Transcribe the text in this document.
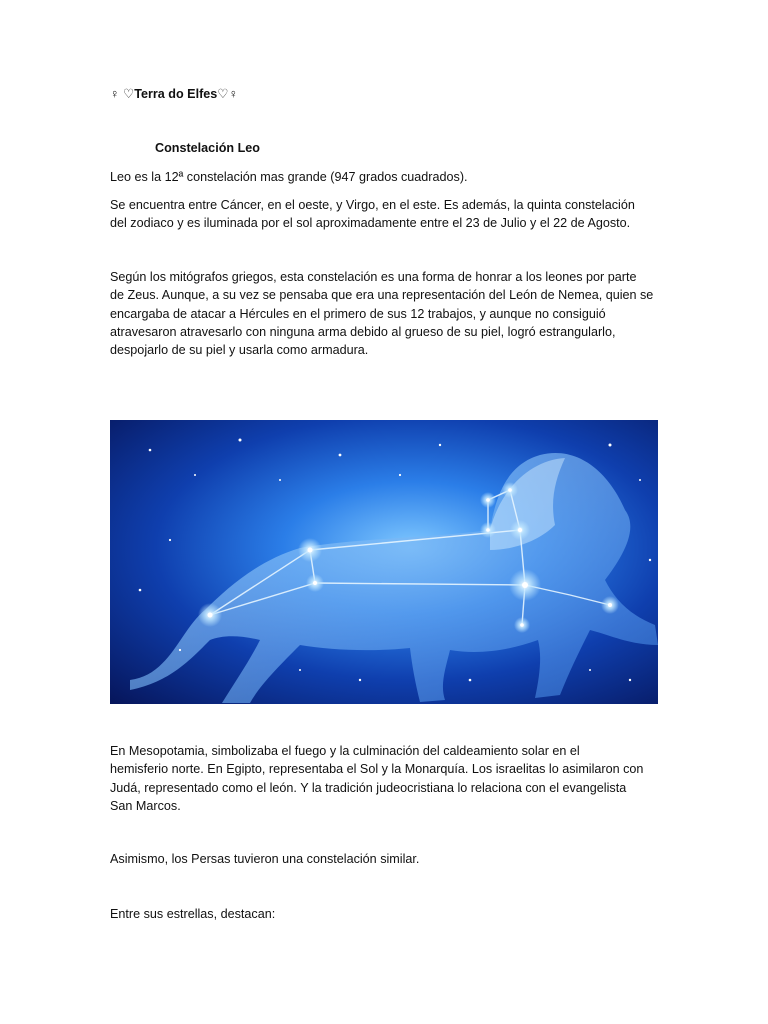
♀ ♡Terra do Elfes♡♀
Constelación Leo
Leo es la 12ª constelación mas grande (947 grados cuadrados).
Se encuentra entre Cáncer, en el oeste, y Virgo, en el este. Es además, la quinta constelación
del zodiaco y es iluminada por el sol aproximadamente entre el 23 de Julio y el 22 de Agosto.
Según los mitógrafos griegos, esta constelación es una forma de honrar a los leones por parte
de Zeus. Aunque, a su vez se pensaba que era una representación del León de Nemea, quien se
encargaba de atacar a Hércules en el primero de sus 12 trabajos, y aunque no consiguió
atravesaron atravesarlo con ninguna arma debido al grueso de su piel, logró estrangularlo,
despojarlo de su piel y usarla como armadura.
En Mesopotamia, simbolizaba el fuego y la culminación del caldeamiento solar en el
hemisferio norte. En Egipto, representaba el Sol y la Monarquía. Los israelitas lo asimilaron con
Judá, representado como el león. Y la tradición judeocristiana lo relaciona con el evangelista
San Marcos.
Asimismo, los Persas tuvieron una constelación similar.
Entre sus estrellas, destacan:
